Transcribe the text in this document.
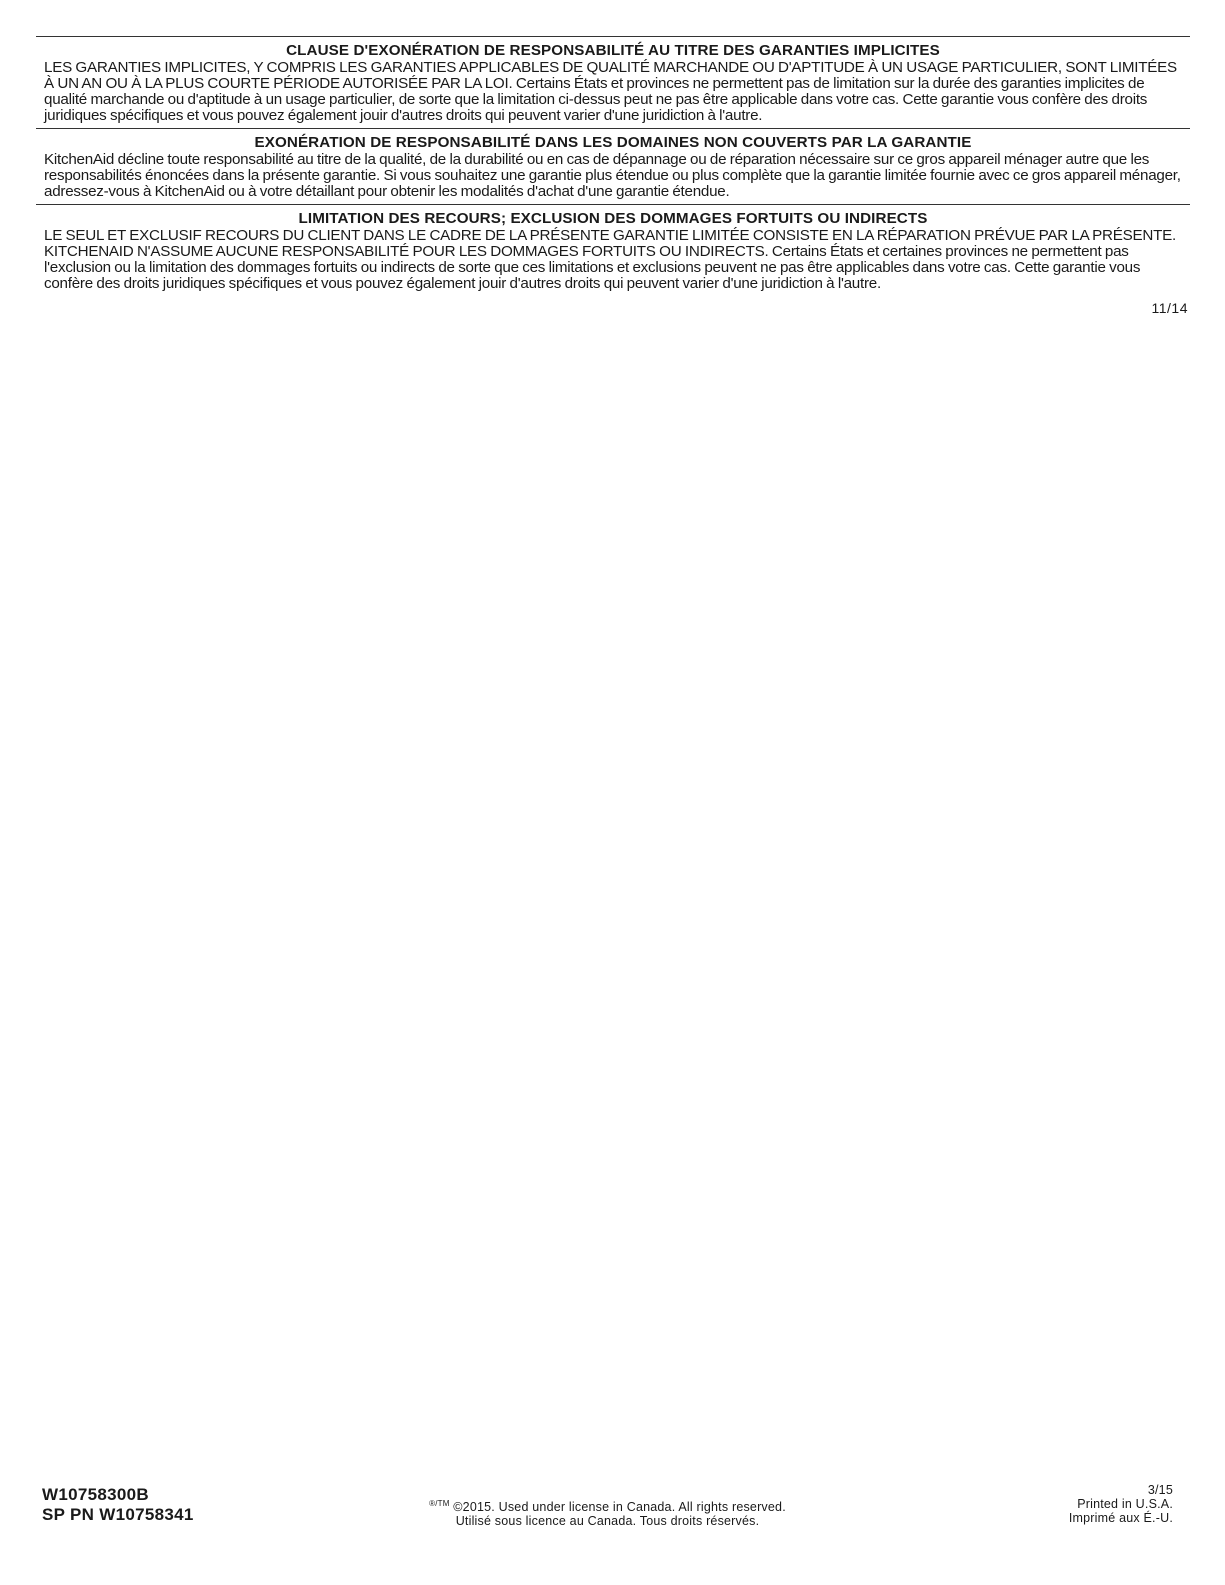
CLAUSE D'EXONÉRATION DE RESPONSABILITÉ AU TITRE DES GARANTIES IMPLICITES
LES GARANTIES IMPLICITES, Y COMPRIS LES GARANTIES APPLICABLES DE QUALITÉ MARCHANDE OU D'APTITUDE À UN USAGE PARTICULIER, SONT LIMITÉES À UN AN OU À LA PLUS COURTE PÉRIODE AUTORISÉE PAR LA LOI. Certains États et provinces ne permettent pas de limitation sur la durée des garanties implicites de qualité marchande ou d'aptitude à un usage particulier, de sorte que la limitation ci-dessus peut ne pas être applicable dans votre cas. Cette garantie vous confère des droits juridiques spécifiques et vous pouvez également jouir d'autres droits qui peuvent varier d'une juridiction à l'autre.
EXONÉRATION DE RESPONSABILITÉ DANS LES DOMAINES NON COUVERTS PAR LA GARANTIE
KitchenAid décline toute responsabilité au titre de la qualité, de la durabilité ou en cas de dépannage ou de réparation nécessaire sur ce gros appareil ménager autre que les responsabilités énoncées dans la présente garantie. Si vous souhaitez une garantie plus étendue ou plus complète que la garantie limitée fournie avec ce gros appareil ménager, adressez-vous à KitchenAid ou à votre détaillant pour obtenir les modalités d'achat d'une garantie étendue.
LIMITATION DES RECOURS; EXCLUSION DES DOMMAGES FORTUITS OU INDIRECTS
LE SEUL ET EXCLUSIF RECOURS DU CLIENT DANS LE CADRE DE LA PRÉSENTE GARANTIE LIMITÉE CONSISTE EN LA RÉPARATION PRÉVUE PAR LA PRÉSENTE. KITCHENAID N'ASSUME AUCUNE RESPONSABILITÉ POUR LES DOMMAGES FORTUITS OU INDIRECTS. Certains États et certaines provinces ne permettent pas l'exclusion ou la limitation des dommages fortuits ou indirects de sorte que ces limitations et exclusions peuvent ne pas être applicables dans votre cas. Cette garantie vous confère des droits juridiques spécifiques et vous pouvez également jouir d'autres droits qui peuvent varier d'une juridiction à l'autre.
11/14
W10758300B
SP PN W10758341
$^{®/TM}$ ©2015. Used under license in Canada. All rights reserved.
Utilisé sous licence au Canada. Tous droits réservés.
3/15
Printed in U.S.A.
Imprimé aux É.-U.
